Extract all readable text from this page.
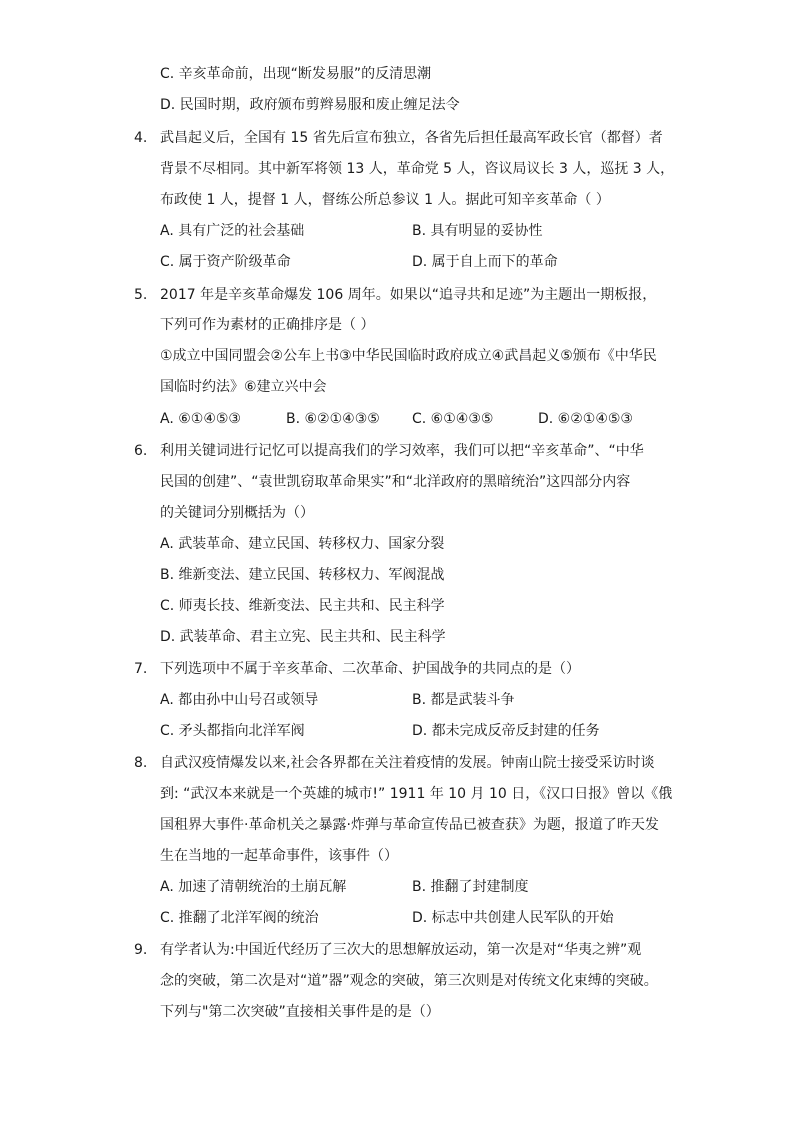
C. 辛亥革命前，出现“断发易服”的反清思潮
D. 民国时期，政府颁布剪辫易服和废止缠足法令
4. 武昌起义后，全国有 15 省先后宣布独立，各省先后担任最高军政长官（都督）者
背景不尽相同。其中新军将领 13 人，革命党 5 人，咨议局议长 3 人，巡抚 3 人，
布政使 1 人，提督 1 人，督练公所总参议 1 人。据此可知辛亥革命（ ）
A. 具有广泛的社会基础	B. 具有明显的妥协性
C. 属于资产阶级革命	D. 属于自上而下的革命
5. 2017 年是辛亥革命爆发 106 周年。如果以“追寻共和足迹”为主题出一期板报，
下列可作为素材的正确排序是（ ）
①成立中国同盟会②公车上书③中华民国临时政府成立④武昌起义⑤颁布《中华民
国临时约法》⑥建立兴中会
A. ⑥①④⑤③	B. ⑥②①④③⑤ C. ⑥①④③⑤	D. ⑥②①④⑤③
6. 利用关键词进行记忆可以提高我们的学习效率，我们可以把“辛亥革命”、“中华
民国的创建”、“袁世凯窃取革命果实”和“北洋政府的黑暗统治”这四部分内容
的关键词分别概括为（）
A. 武装革命、建立民国、转移权力、国家分裂
B. 维新变法、建立民国、转移权力、军阀混战
C. 师夷长技、维新变法、民主共和、民主科学
D. 武装革命、君主立宪、民主共和、民主科学
7. 下列选项中不属于辛亥革命、二次革命、护国战争的共同点的是（）
A. 都由孙中山号召或领导	B. 都是武装斗争
C. 矛头都指向北洋军阀	D. 都未完成反帝反封建的任务
8. 自武汉疫情爆发以来,社会各界都在关注着疫情的发展。钟南山院士接受采访时谈
到: “武汉本来就是一个英雄的城市!” 1911 年 10 月 10 日，《汉口日报》曾以《俄
国租界大事件·革命机关之暴露·炸弹与革命宣传品已被查获》为题，报道了昨天发
生在当地的一起革命事件，该事件（）
A. 加速了清朝统治的土崩瓦解	B. 推翻了封建制度
C. 推翻了北洋军阀的统治	D. 标志中共创建人民军队的开始
9. 有学者认为:中国近代经历了三次大的思想解放运动，第一次是对“华夷之辨”观
念的突破，第二次是对“道”器”观念的突破，第三次则是对传统文化束缚的突破。
下列与"第二次突破”直接相关事件是的是（）
